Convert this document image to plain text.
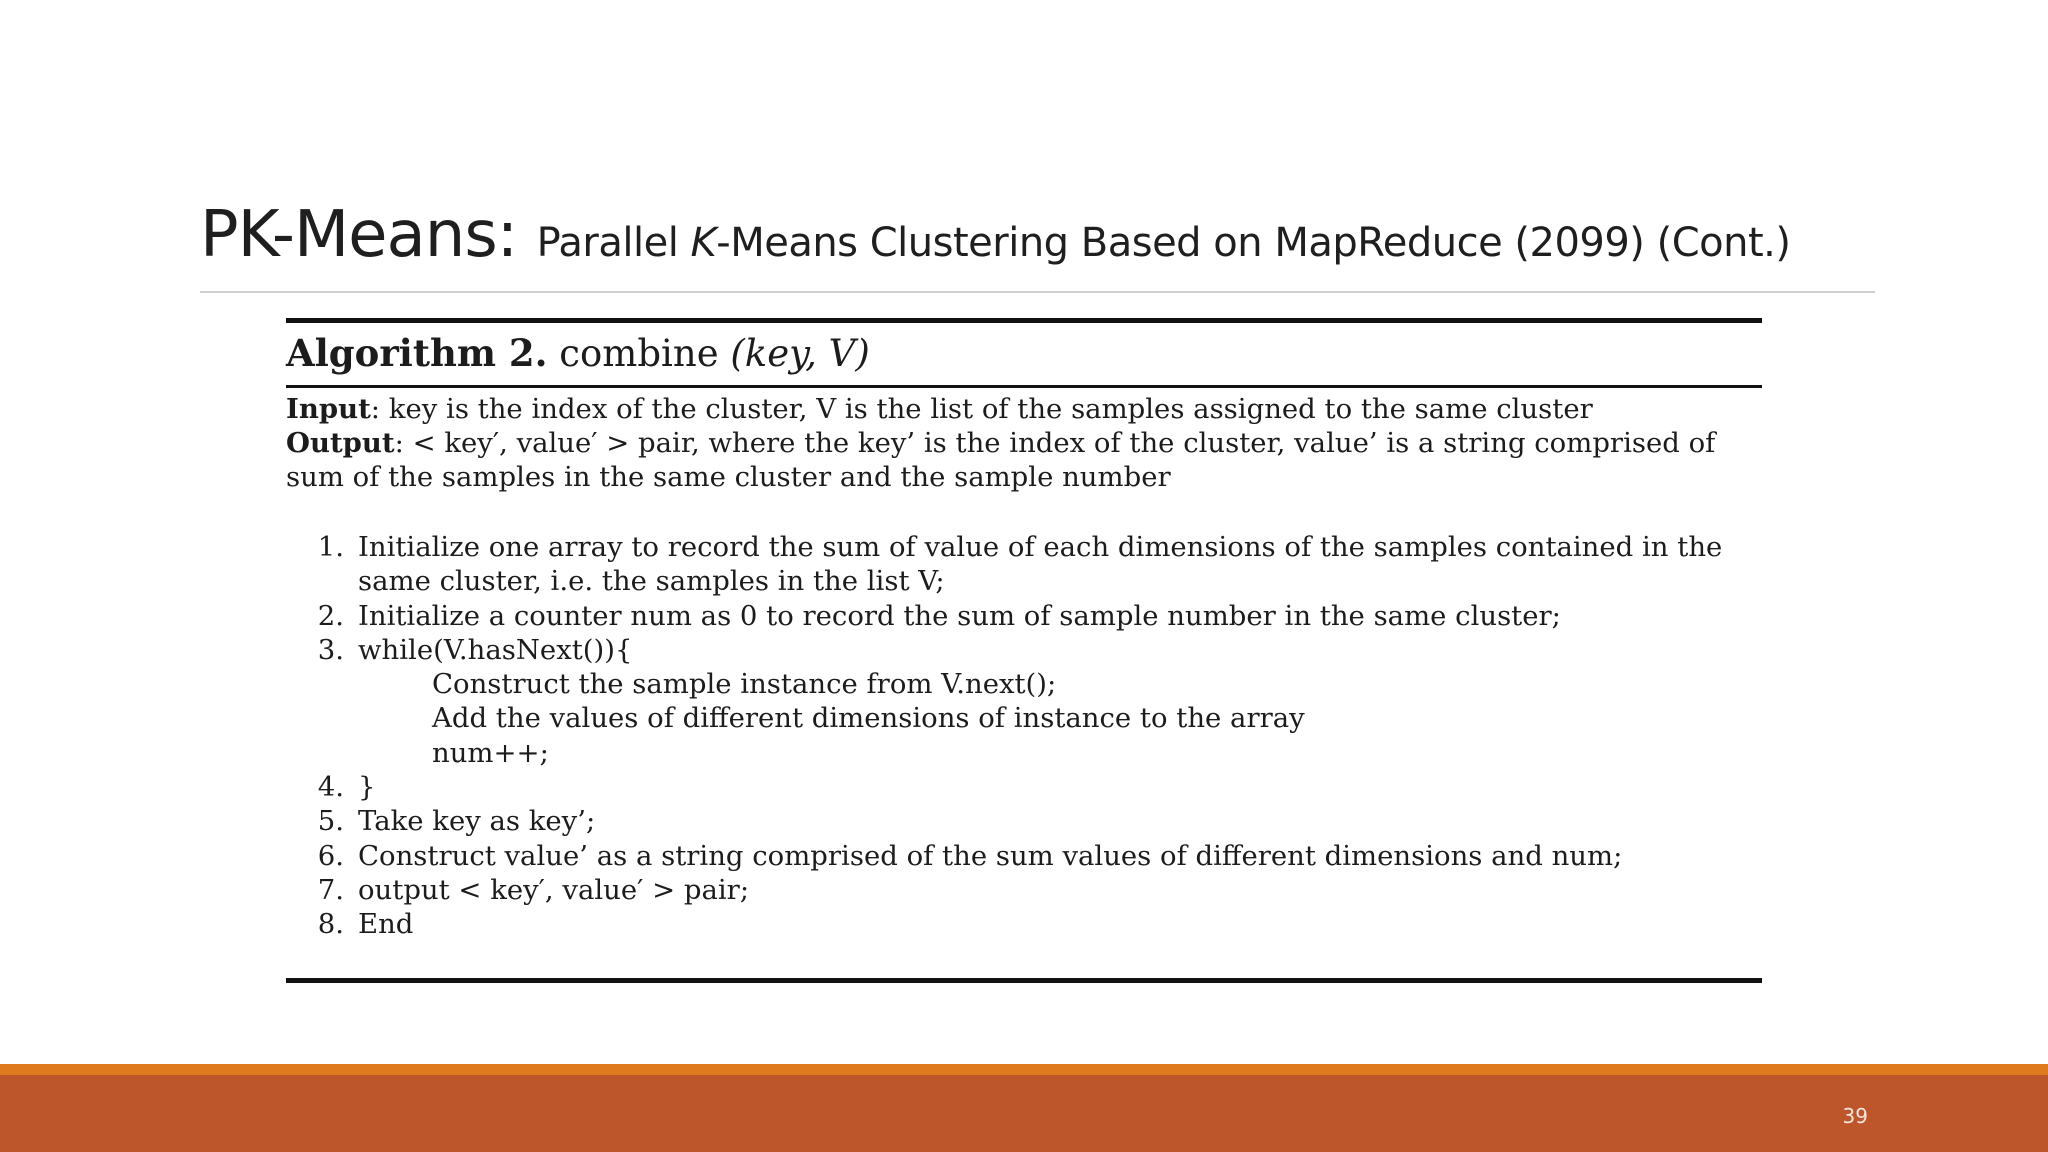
PK-Means: Parallel K-Means Clustering Based on MapReduce (2099) (Cont.)
Algorithm 2. combine (key, V)
Input: key is the index of the cluster, V is the list of the samples assigned to the same cluster
Output: < key′, value′ > pair, where the key’ is the index of the cluster, value’ is a string comprised of sum of the samples in the same cluster and the sample number
1. Initialize one array to record the sum of value of each dimensions of the samples contained in the same cluster, i.e. the samples in the list V;
2. Initialize a counter num as 0 to record the sum of sample number in the same cluster;
3. while(V.hasNext()){
Construct the sample instance from V.next();
Add the values of different dimensions of instance to the array
num++;
4. }
5. Take key as key’;
6. Construct value’ as a string comprised of the sum values of different dimensions and num;
7. output < key′, value′ > pair;
8. End
39
